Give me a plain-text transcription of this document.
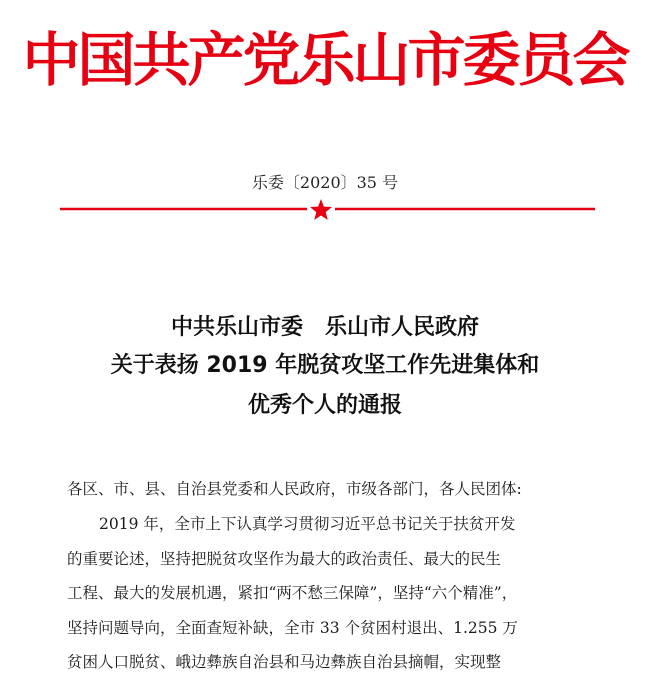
中国共产党乐山市委员会
乐委〔2020〕35 号
中共乐山市委 乐山市人民政府
关于表扬 2019 年脱贫攻坚工作先进集体和
优秀个人的通报

各区、市、县、自治县党委和人民政府，市级各部门，各人民团体:

2019 年，全市上下认真学习贯彻习近平总书记关于扶贫开发

的重要论述，坚持把脱贫攻坚作为最大的政治责任、最大的民生

工程、最大的发展机遇，紧扣“两不愁三保障”，坚持“六个精准”，

坚持问题导向，全面查短补缺，全市 33 个贫困村退出、1.255 万

贫困人口脱贫、峨边彝族自治县和马边彝族自治县摘帽，实现整
